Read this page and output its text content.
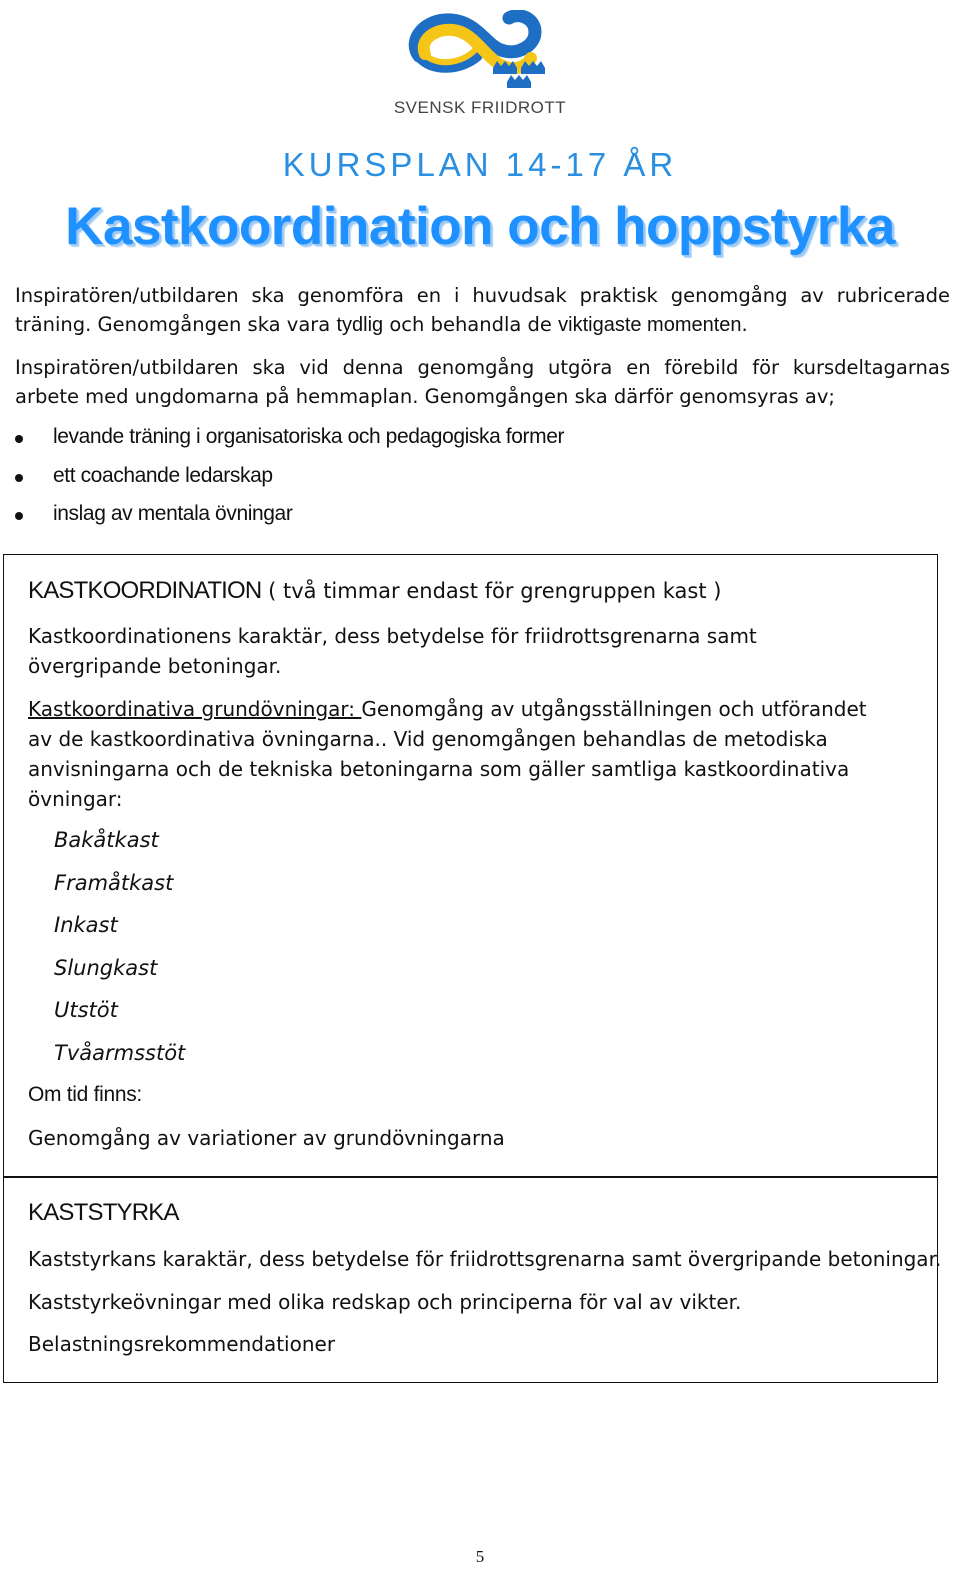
SVENSK FRIIDROTT
KURSPLAN 14-17 ÅR
Kastkoordination och hoppstyrka
Inspiratören/utbildaren ska genomföra en i huvudsak praktisk genomgång av rubricerade träning. Genomgången ska vara tydlig och behandla de viktigaste momenten.
Inspiratören/utbildaren ska vid denna genomgång utgöra en förebild för kursdeltagarnas arbete med ungdomarna på hemmaplan. Genomgången ska därför genomsyras av;
levande träning i organisatoriska och pedagogiska former
ett coachande ledarskap
inslag av mentala övningar
KASTKOORDINATION ( två timmar endast för grengruppen kast )
Kastkoordinationens karaktär, dess betydelse för friidrottsgrenarna samt övergripande betoningar.
Kastkoordinativa grundövningar: Genomgång av utgångsställningen och utförandet av de kastkoordinativa övningarna.. Vid genomgången behandlas de metodiska anvisningarna och de tekniska betoningarna som gäller samtliga kastkoordinativa övningar:
Bakåtkast
Framåtkast
Inkast
Slungkast
Utstöt
Tvåarmsstöt
Om tid finns:
Genomgång av variationer av grundövningarna
KASTSTYRKA
Kaststyrkans karaktär, dess betydelse för friidrottsgrenarna samt övergripande betoningar.
Kaststyrkeövningar med olika redskap och principerna för val av vikter.
Belastningsrekommendationer
5
